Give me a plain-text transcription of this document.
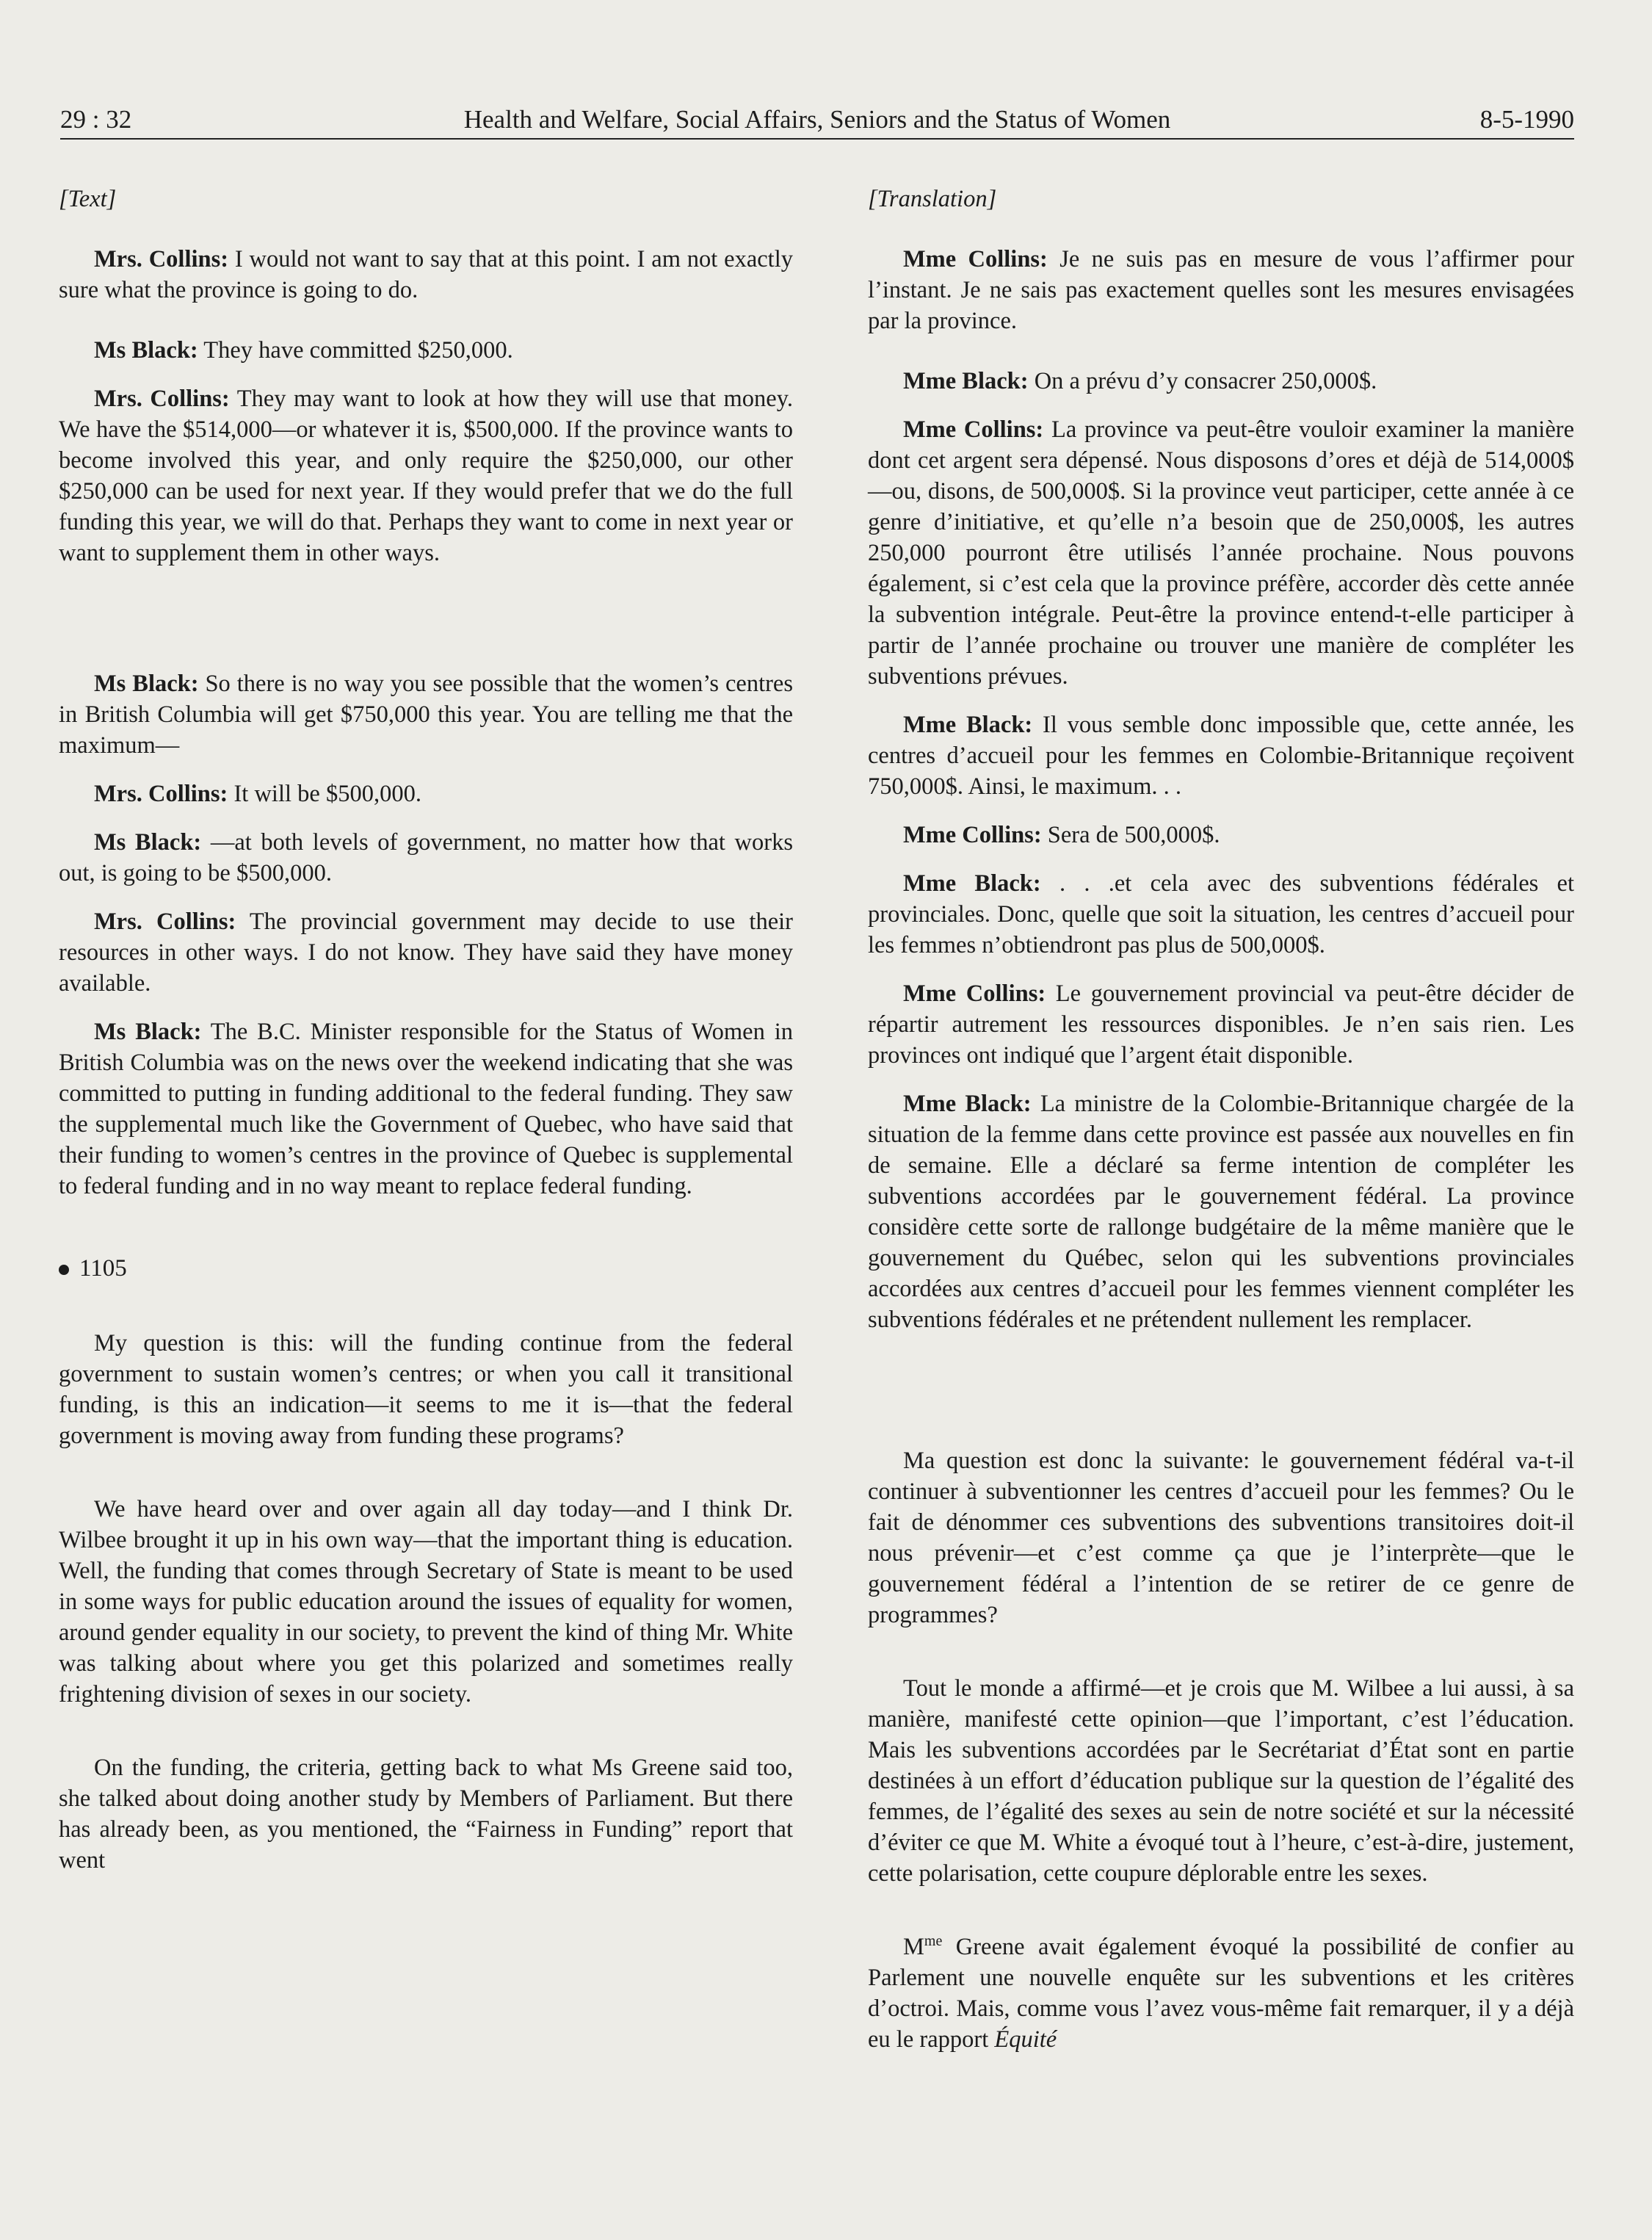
29 : 32	Health and Welfare, Social Affairs, Seniors and the Status of Women	8-5-1990

[Text]

Mrs. Collins: I would not want to say that at this point. I am not exactly sure what the province is going to do.

Ms Black: They have committed $250,000.

Mrs. Collins: They may want to look at how they will use that money. We have the $514,000—or whatever it is, $500,000. If the province wants to become involved this year, and only require the $250,000, our other $250,000 can be used for next year. If they would prefer that we do the full funding this year, we will do that. Perhaps they want to come in next year or want to supplement them in other ways.

Ms Black: So there is no way you see possible that the women’s centres in British Columbia will get $750,000 this year. You are telling me that the maximum—

Mrs. Collins: It will be $500,000.

Ms Black: —at both levels of government, no matter how that works out, is going to be $500,000.

Mrs. Collins: The provincial government may decide to use their resources in other ways. I do not know. They have said they have money available.

Ms Black: The B.C. Minister responsible for the Status of Women in British Columbia was on the news over the weekend indicating that she was committed to putting in funding additional to the federal funding. They saw the supplemental much like the Government of Quebec, who have said that their funding to women’s centres in the province of Quebec is supplemental to federal funding and in no way meant to replace federal funding.

1105

My question is this: will the funding continue from the federal government to sustain women’s centres; or when you call it transitional funding, is this an indication—it seems to me it is—that the federal government is moving away from funding these programs?

We have heard over and over again all day today—and I think Dr. Wilbee brought it up in his own way—that the important thing is education. Well, the funding that comes through Secretary of State is meant to be used in some ways for public education around the issues of equality for women, around gender equality in our society, to prevent the kind of thing Mr. White was talking about where you get this polarized and sometimes really frightening division of sexes in our society.

On the funding, the criteria, getting back to what Ms Greene said too, she talked about doing another study by Members of Parliament. But there has already been, as you mentioned, the “Fairness in Funding” report that went

[Translation]

Mme Collins: Je ne suis pas en mesure de vous l’affirmer pour l’instant. Je ne sais pas exactement quelles sont les mesures envisagées par la province.

Mme Black: On a prévu d’y consacrer 250,000$.

Mme Collins: La province va peut-être vouloir examiner la manière dont cet argent sera dépensé. Nous disposons d’ores et déjà de 514,000$—ou, disons, de 500,000$. Si la province veut participer, cette année à ce genre d’initiative, et qu’elle n’a besoin que de 250,000$, les autres 250,000 pourront être utilisés l’année prochaine. Nous pouvons également, si c’est cela que la province préfère, accorder dès cette année la subvention intégrale. Peut-être la province entend-t-elle participer à partir de l’année prochaine ou trouver une manière de compléter les subventions prévues.

Mme Black: Il vous semble donc impossible que, cette année, les centres d’accueil pour les femmes en Colombie-Britannique reçoivent 750,000$. Ainsi, le maximum. . .

Mme Collins: Sera de 500,000$.

Mme Black: . . .et cela avec des subventions fédérales et provinciales. Donc, quelle que soit la situation, les centres d’accueil pour les femmes n’obtiendront pas plus de 500,000$.

Mme Collins: Le gouvernement provincial va peut-être décider de répartir autrement les ressources disponibles. Je n’en sais rien. Les provinces ont indiqué que l’argent était disponible.

Mme Black: La ministre de la Colombie-Britannique chargée de la situation de la femme dans cette province est passée aux nouvelles en fin de semaine. Elle a déclaré sa ferme intention de compléter les subventions accordées par le gouvernement fédéral. La province considère cette sorte de rallonge budgétaire de la même manière que le gouvernement du Québec, selon qui les subventions provinciales accordées aux centres d’accueil pour les femmes viennent compléter les subventions fédérales et ne prétendent nullement les remplacer.

Ma question est donc la suivante: le gouvernement fédéral va-t-il continuer à subventionner les centres d’accueil pour les femmes? Ou le fait de dénommer ces subventions des subventions transitoires doit-il nous prévenir—et c’est comme ça que je l’interprète—que le gouvernement fédéral a l’intention de se retirer de ce genre de programmes?

Tout le monde a affirmé—et je crois que M. Wilbee a lui aussi, à sa manière, manifesté cette opinion—que l’important, c’est l’éducation. Mais les subventions accordées par le Secrétariat d’État sont en partie destinées à un effort d’éducation publique sur la question de l’égalité des femmes, de l’égalité des sexes au sein de notre société et sur la nécessité d’éviter ce que M. White a évoqué tout à l’heure, c’est-à-dire, justement, cette polarisation, cette coupure déplorable entre les sexes.

$M^{me}$ Greene avait également évoqué la possibilité de confier au Parlement une nouvelle enquête sur les subventions et les critères d’octroi. Mais, comme vous l’avez vous-même fait remarquer, il y a déjà eu le rapport Équité
